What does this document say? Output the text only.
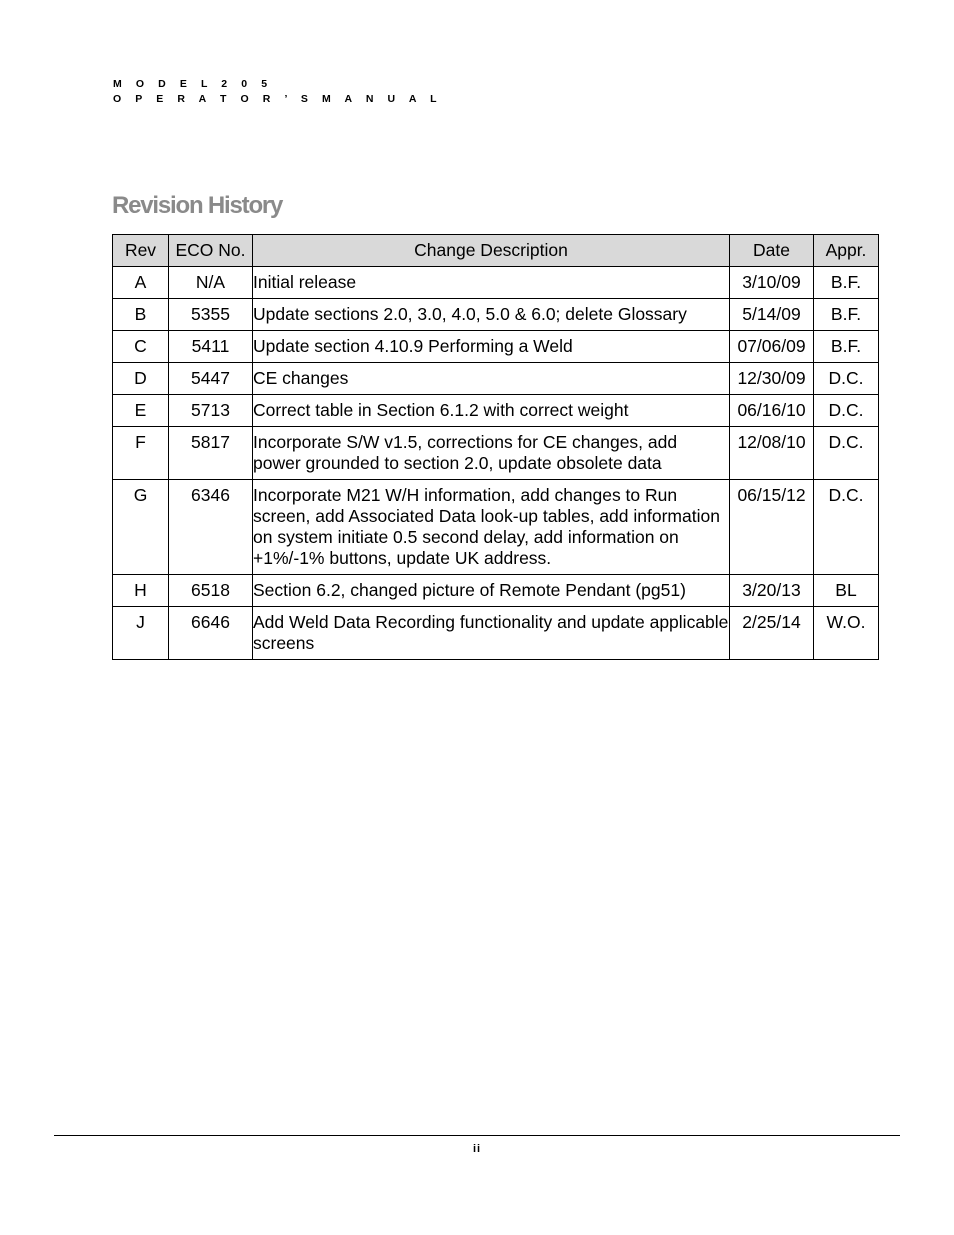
M O D E L 2 0 5
O P E R A T O R ’ S M A N U A L
Revision History
Rev	ECO No.	Change Description	Date	Appr.
A	N/A	Initial release	3/10/09	B.F.
B	5355	Update sections 2.0, 3.0, 4.0, 5.0 & 6.0; delete Glossary	5/14/09	B.F.
C	5411	Update section 4.10.9 Performing a Weld	07/06/09	B.F.
D	5447	CE changes	12/30/09	D.C.
E	5713	Correct table in Section 6.1.2 with correct weight	06/16/10	D.C.
F	5817	Incorporate S/W v1.5, corrections for CE changes, add power grounded to section 2.0, update obsolete data	12/08/10	D.C.
G	6346	Incorporate M21 W/H information, add changes to Run screen, add Associated Data look-up tables, add information on system initiate 0.5 second delay, add information on +1%/-1% buttons, update UK address.	06/15/12	D.C.
H	6518	Section 6.2, changed picture of Remote Pendant (pg51)	3/20/13	BL
J	6646	Add Weld Data Recording functionality and update applicable screens	2/25/14	W.O.
ii
